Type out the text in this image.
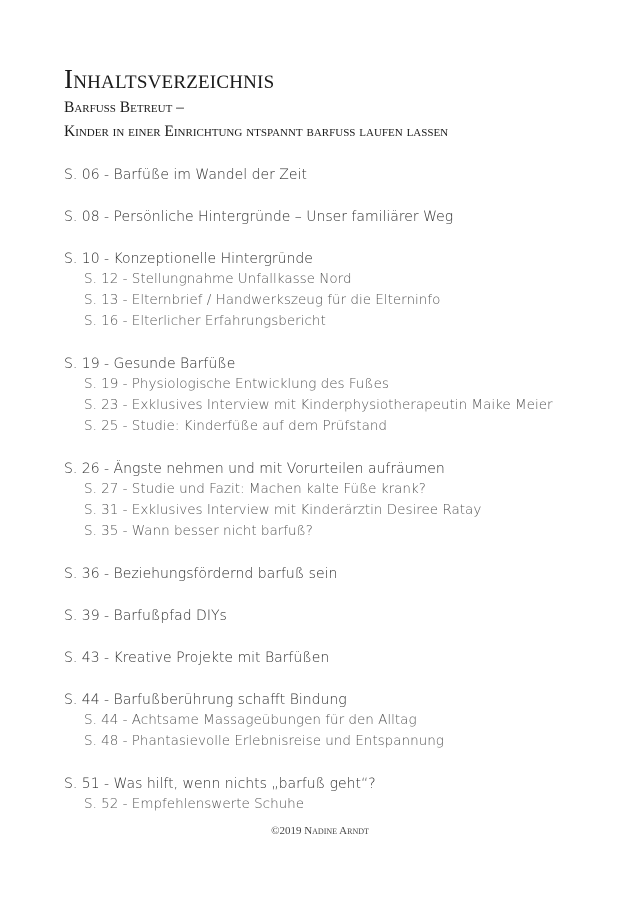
Inhaltsverzeichnis
Barfuß Betreut –
Kinder in einer Einrichtung ntspannt barfuß laufen lassen
S. 06 - Barfüße im Wandel der Zeit
S. 08 - Persönliche Hintergründe – Unser familiärer Weg
S. 10 - Konzeptionelle Hintergründe
S. 12 - Stellungnahme Unfallkasse Nord
S. 13 - Elternbrief / Handwerkszeug für die Elterninfo
S. 16 - Elterlicher Erfahrungsbericht
S. 19 - Gesunde Barfüße
S. 19 - Physiologische Entwicklung des Fußes
S. 23 - Exklusives Interview mit Kinderphysiotherapeutin Maike Meier
S. 25 - Studie: Kinderfüße auf dem Prüfstand
S. 26 - Ängste nehmen und mit Vorurteilen aufräumen
S. 27 - Studie und Fazit: Machen kalte Füße krank?
S. 31 - Exklusives Interview mit Kinderärztin Desiree Ratay
S. 35 - Wann besser nicht barfuß?
S. 36 - Beziehungsfördernd barfuß sein
S. 39 - Barfußpfad DIYs
S. 43 - Kreative Projekte mit Barfüßen
S. 44 - Barfußberührung schafft Bindung
S. 44 - Achtsame Massageübungen für den Alltag
S. 48 - Phantasievolle Erlebnisreise und Entspannung
S. 51 - Was hilft, wenn nichts „barfuß geht“?
S. 52 - Empfehlenswerte Schuhe
©2019 Nadine Arndt
